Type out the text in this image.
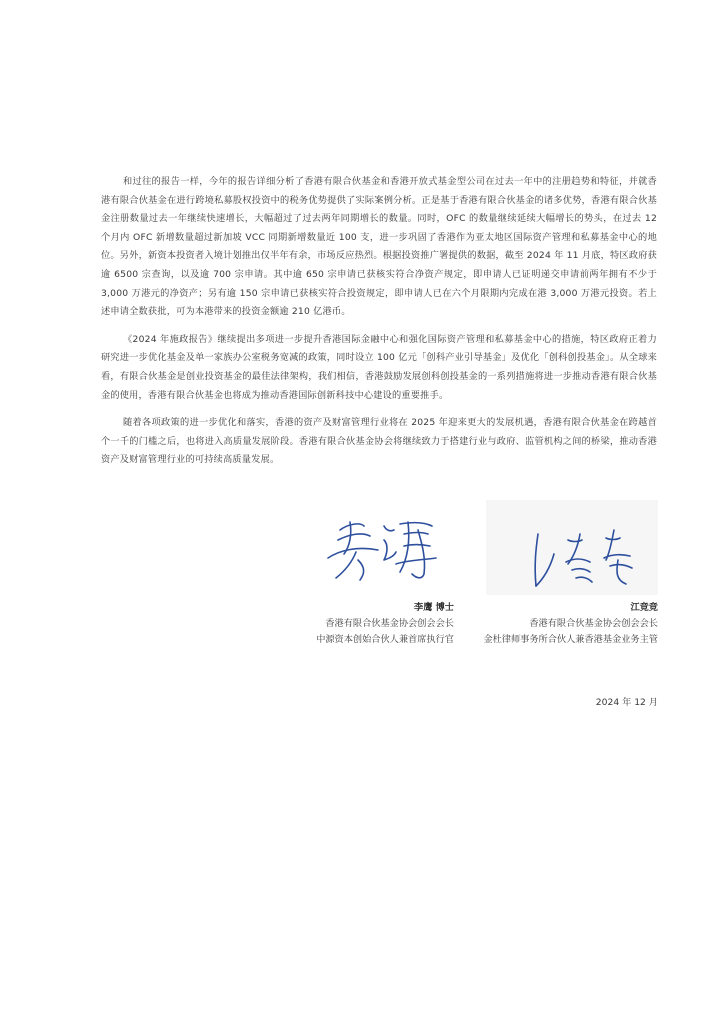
和过往的报告一样，今年的报告详细分析了香港有限合伙基金和香港开放式基金型公司在过去一年中的注册趋势和特征，并就香港有限合伙基金在进行跨境私募股权投资中的税务优势提供了实际案例分析。正是基于香港有限合伙基金的诸多优势，香港有限合伙基金注册数量过去一年继续快速增长，大幅超过了过去两年同期增长的数量。同时，OFC 的数量继续延续大幅增长的势头，在过去 12 个月内 OFC 新增数量超过新加坡 VCC 同期新增数量近 100 支，进一步巩固了香港作为亚太地区国际资产管理和私募基金中心的地位。另外，新资本投资者入境计划推出仅半年有余，市场反应热烈。根据投资推广署提供的数据，截至 2024 年 11 月底，特区政府获逾 6500 宗查询，以及逾 700 宗申请。其中逾 650 宗申请已获核实符合净资产规定，即申请人已证明递交申请前两年拥有不少于 3,000 万港元的净资产；另有逾 150 宗申请已获核实符合投资规定，即申请人已在六个月限期内完成在港 3,000 万港元投资。若上述申请全数获批，可为本港带来的投资金额逾 210 亿港币。

《2024 年施政报告》继续提出多项进一步提升香港国际金融中心和强化国际资产管理和私募基金中心的措施，特区政府正着力研究进一步优化基金及单一家族办公室税务宽减的政策，同时设立 100 亿元「创科产业引导基金」及优化「创科创投基金」。从全球来看，有限合伙基金是创业投资基金的最佳法律架构，我们相信，香港鼓励发展创科创投基金的一系列措施将进一步推动香港有限合伙基金的使用，香港有限合伙基金也将成为推动香港国际创新科技中心建设的重要推手。

随着各项政策的进一步优化和落实，香港的资产及财富管理行业将在 2025 年迎来更大的发展机遇，香港有限合伙基金在跨越首个一千的门槛之后，也将进入高质量发展阶段。香港有限合伙基金协会将继续致力于搭建行业与政府、监管机构之间的桥梁，推动香港资产及财富管理行业的可持续高质量发展。

李鹰 博士
香港有限合伙基金协会创会会长
中源资本创始合伙人兼首席执行官
江竞竞
香港有限合伙基金协会创会会长
金杜律师事务所合伙人兼香港基金业务主管
2024 年 12 月
